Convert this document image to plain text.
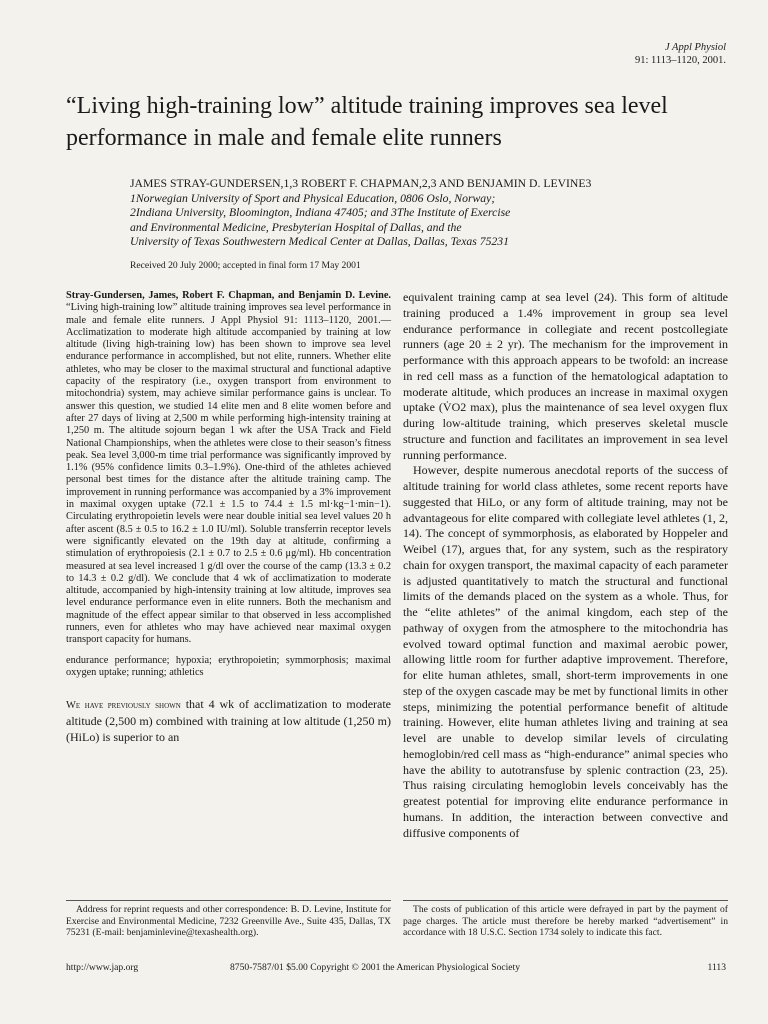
J Appl Physiol
91: 1113–1120, 2001.
“Living high-training low” altitude training improves sea level performance in male and female elite runners
JAMES STRAY-GUNDERSEN,1,3 ROBERT F. CHAPMAN,2,3 AND BENJAMIN D. LEVINE3
1Norwegian University of Sport and Physical Education, 0806 Oslo, Norway;
2Indiana University, Bloomington, Indiana 47405; and 3The Institute of Exercise
and Environmental Medicine, Presbyterian Hospital of Dallas, and the
University of Texas Southwestern Medical Center at Dallas, Dallas, Texas 75231
Received 20 July 2000; accepted in final form 17 May 2001

Stray-Gundersen, James, Robert F. Chapman, and Benjamin D. Levine. “Living high-training low” altitude training improves sea level performance in male and female elite runners. J Appl Physiol 91: 1113–1120, 2001.—Acclimatization to moderate high altitude accompanied by training at low altitude (living high-training low) has been shown to improve sea level endurance performance in accomplished, but not elite, runners. Whether elite athletes, who may be closer to the maximal structural and functional adaptive capacity of the respiratory (i.e., oxygen transport from environment to mitochondria) system, may achieve similar performance gains is unclear. To answer this question, we studied 14 elite men and 8 elite women before and after 27 days of living at 2,500 m while performing high-intensity training at 1,250 m. The altitude sojourn began 1 wk after the USA Track and Field National Championships, when the athletes were close to their season’s fitness peak. Sea level 3,000-m time trial performance was significantly improved by 1.1% (95% confidence limits 0.3–1.9%). One-third of the athletes achieved personal best times for the distance after the altitude training camp. The improvement in running performance was accompanied by a 3% improvement in maximal oxygen uptake (72.1 ± 1.5 to 74.4 ± 1.5 ml·kg−1·min−1). Circulating erythropoietin levels were near double initial sea level values 20 h after ascent (8.5 ± 0.5 to 16.2 ± 1.0 IU/ml). Soluble transferrin receptor levels were significantly elevated on the 19th day at altitude, confirming a stimulation of erythropoiesis (2.1 ± 0.7 to 2.5 ± 0.6 μg/ml). Hb concentration measured at sea level increased 1 g/dl over the course of the camp (13.3 ± 0.2 to 14.3 ± 0.2 g/dl). We conclude that 4 wk of acclimatization to moderate altitude, accompanied by high-intensity training at low altitude, improves sea level endurance performance even in elite runners. Both the mechanism and magnitude of the effect appear similar to that observed in less accomplished runners, even for athletes who may have achieved near maximal oxygen transport capacity for humans.

endurance performance; hypoxia; erythropoietin; symmorphosis; maximal oxygen uptake; running; athletics

We have previously shown that 4 wk of acclimatization to moderate altitude (2,500 m) combined with training at low altitude (1,250 m) (HiLo) is superior to an

equivalent training camp at sea level (24). This form of altitude training produced a 1.4% improvement in group sea level endurance performance in collegiate and recent postcollegiate runners (age 20 ± 2 yr). The mechanism for the improvement in performance with this approach appears to be twofold: an increase in red cell mass as a function of the hematological adaptation to moderate altitude, which produces an increase in maximal oxygen uptake (V̇O2 max), plus the maintenance of sea level oxygen flux during low-altitude training, which preserves skeletal muscle structure and function and facilitates an improvement in sea level running performance.

However, despite numerous anecdotal reports of the success of altitude training for world class athletes, some recent reports have suggested that HiLo, or any form of altitude training, may not be advantageous for elite compared with collegiate level athletes (1, 2, 14). The concept of symmorphosis, as elaborated by Hoppeler and Weibel (17), argues that, for any system, such as the respiratory chain for oxygen transport, the maximal capacity of each parameter is adjusted quantitatively to match the structural and functional limits of the demands placed on the system as a whole. Thus, for the “elite athletes” of the animal kingdom, each step of the pathway of oxygen from the atmosphere to the mitochondria has evolved toward optimal function and maximal aerobic power, allowing little room for further adaptive improvement. Therefore, for elite human athletes, small, short-term improvements in one step of the oxygen cascade may be met by functional limits in other steps, minimizing the potential performance benefit of altitude training. However, elite human athletes living and training at sea level are unable to develop similar levels of circulating hemoglobin/red cell mass as “high-endurance” animal species who have the ability to autotransfuse by splenic contraction (23, 25). Thus raising circulating hemoglobin levels conceivably has the greatest potential for improving elite endurance performance in humans. In addition, the interaction between convective and diffusive components of

Address for reprint requests and other correspondence: B. D. Levine, Institute for Exercise and Environmental Medicine, 7232 Greenville Ave., Suite 435, Dallas, TX 75231 (E-mail: benjaminlevine@texashealth.org).
The costs of publication of this article were defrayed in part by the payment of page charges. The article must therefore be hereby marked “advertisement” in accordance with 18 U.S.C. Section 1734 solely to indicate this fact.
http://www.jap.org	8750-7587/01 $5.00 Copyright © 2001 the American Physiological Society	1113
